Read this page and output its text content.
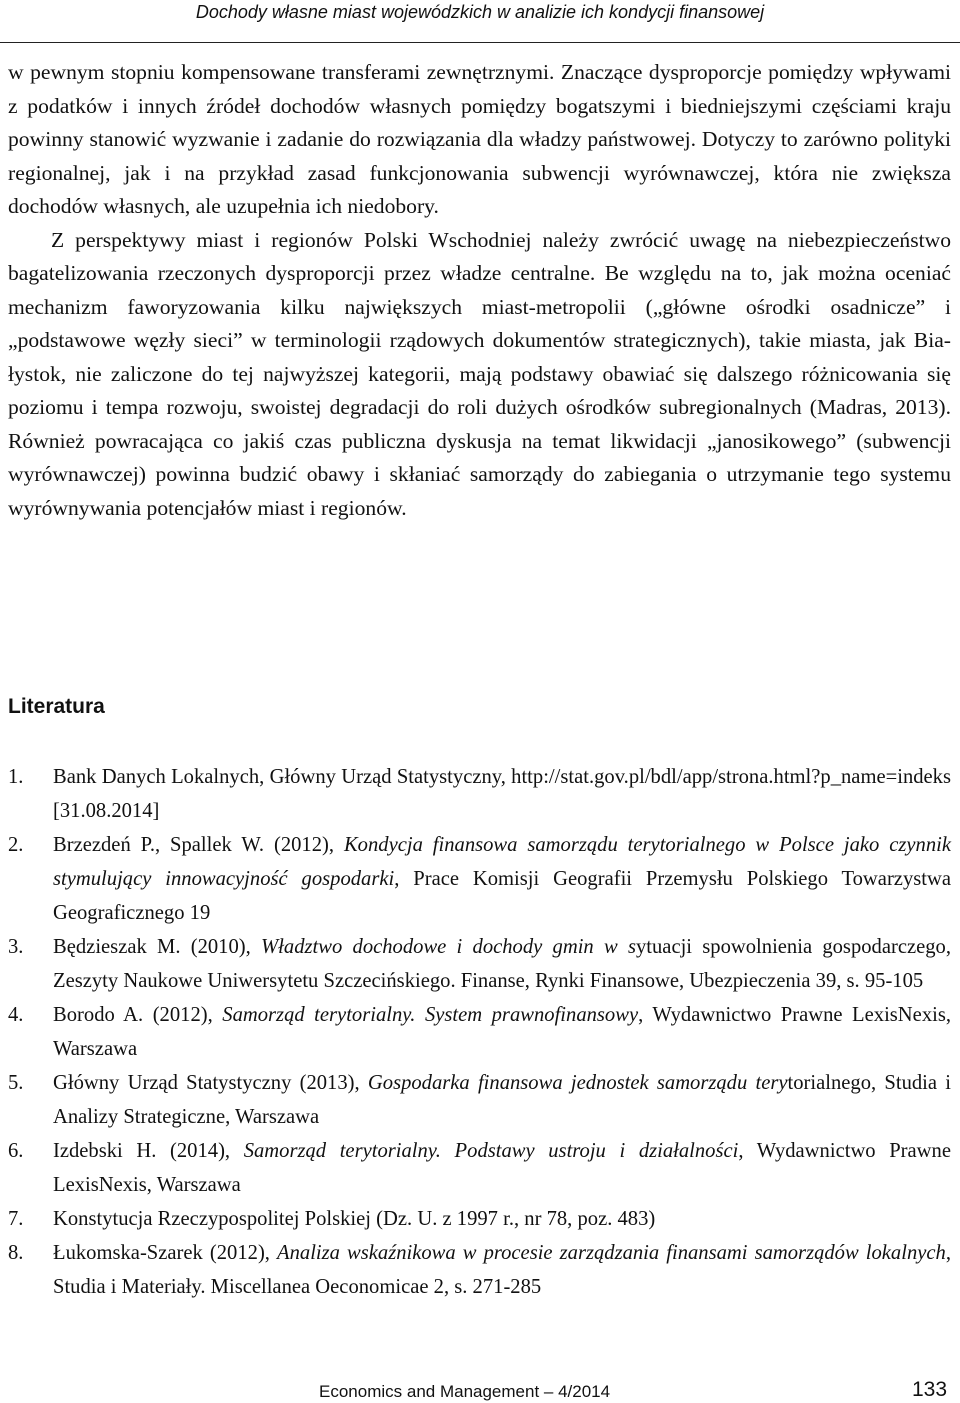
Dochody własne miast wojewódzkich w analizie ich kondycji finansowej

w pewnym stopniu kompensowane transferami zewnętrznymi. Znaczące dysproporcje pomiędzy wpływami z podatków i innych źródeł dochodów własnych pomiędzy bogatszymi i biedniejszymi częściami kraju powinny stanowić wyzwanie i zadanie do rozwiązania dla władzy państwowej. Dotyczy to zarówno polityki regionalnej, jak i na przykład zasad funkcjonowania subwencji wyrównawczej, która nie zwiększa dochodów własnych, ale uzupełnia ich niedobory.

Z perspektywy miast i regionów Polski Wschodniej należy zwrócić uwagę na niebezpieczeństwo bagatelizowania rzeczonych dysproporcji przez władze centralne. Be względu na to, jak można oceniać mechanizm faworyzowania kilku największych miast-metropolii („główne ośrodki osadnicze” i „podstawowe węzły sieci” w terminologii rządowych dokumentów strategicznych), takie miasta, jak Białystok, nie zaliczone do tej najwyższej kategorii, mają podstawy obawiać się dalszego różnicowania się poziomu i tempa rozwoju, swoistej degradacji do roli dużych ośrodków subregionalnych (Madras, 2013). Również powracająca co jakiś czas publiczna dyskusja na temat likwidacji „janosikowego” (subwencji wyrównawczej) powinna budzić obawy i skłaniać samorządy do zabiegania o utrzymanie tego systemu wyrównywania potencjałów miast i regionów.

Literatura
1.	Bank Danych Lokalnych, Główny Urząd Statystyczny, http://stat.gov.pl/bdl/app/strona.html?p_name=indeks [31.08.2014]
2.	Brzezdeń P., Spallek W. (2012), Kondycja finansowa samorządu terytorialnego w Polsce jako czynnik stymulujący innowacyjność gospodarki, Prace Komisji Geografii Przemysłu Polskiego Towarzystwa Geograficznego 19
3.	Będzieszak M. (2010), Władztwo dochodowe i dochody gmin w sytuacji spowolnienia gospodarczego, Zeszyty Naukowe Uniwersytetu Szczecińskiego. Finanse, Rynki Finansowe, Ubezpieczenia 39, s. 95-105
4.	Borodo A. (2012), Samorząd terytorialny. System prawnofinansowy, Wydawnictwo Prawne LexisNexis, Warszawa
5.	Główny Urząd Statystyczny (2013), Gospodarka finansowa jednostek samorządu terytorialnego, Studia i Analizy Strategiczne, Warszawa
6.	Izdebski H. (2014), Samorząd terytorialny. Podstawy ustroju i działalności, Wydawnictwo Prawne LexisNexis, Warszawa
7.	Konstytucja Rzeczypospolitej Polskiej (Dz. U. z 1997 r., nr 78, poz. 483)
8.	Łukomska-Szarek (2012), Analiza wskaźnikowa w procesie zarządzania finansami samorządów lokalnych, Studia i Materiały. Miscellanea Oeconomicae 2, s. 271-285
Economics and Management – 4/2014	133
